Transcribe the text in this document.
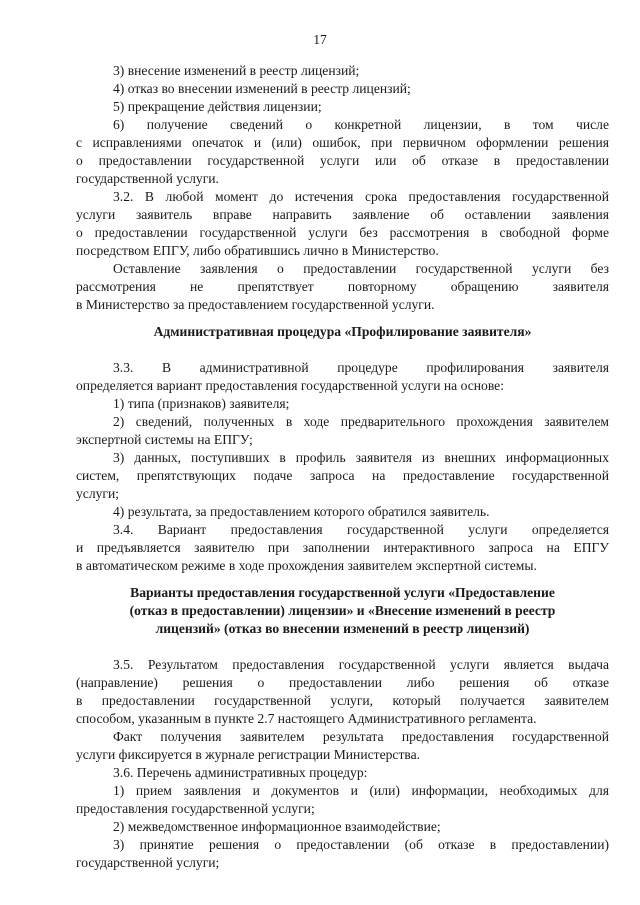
17
3) внесение изменений в реестр лицензий;
4) отказ во внесении изменений в реестр лицензий;
5) прекращение действия лицензии;
6) получение сведений о конкретной лицензии, в том числе
с исправлениями опечаток и (или) ошибок, при первичном оформлении решения
о предоставлении государственной услуги или об отказе в предоставлении
государственной услуги.
3.2. В любой момент до истечения срока предоставления государственной
услуги заявитель вправе направить заявление об оставлении заявления
о предоставлении государственной услуги без рассмотрения в свободной форме
посредством ЕПГУ, либо обратившись лично в Министерство.
Оставление заявления о предоставлении государственной услуги без
рассмотрения не препятствует повторному обращению заявителя
в Министерство за предоставлением государственной услуги.
Административная процедура «Профилирование заявителя»
3.3. В административной процедуре профилирования заявителя
определяется вариант предоставления государственной услуги на основе:
1) типа (признаков) заявителя;
2) сведений, полученных в ходе предварительного прохождения заявителем
экспертной системы на ЕПГУ;
3) данных, поступивших в профиль заявителя из внешних информационных
систем, препятствующих подаче запроса на предоставление государственной
услуги;
4) результата, за предоставлением которого обратился заявитель.
3.4. Вариант предоставления государственной услуги определяется
и предъявляется заявителю при заполнении интерактивного запроса на ЕПГУ
в автоматическом режиме в ходе прохождения заявителем экспертной системы.
Варианты предоставления государственной услуги «Предоставление
(отказ в предоставлении) лицензии» и «Внесение изменений в реестр
лицензий» (отказ во внесении изменений в реестр лицензий)
3.5. Результатом предоставления государственной услуги является выдача
(направление) решения о предоставлении либо решения об отказе
в предоставлении государственной услуги, который получается заявителем
способом, указанным в пункте 2.7 настоящего Административного регламента.
Факт получения заявителем результата предоставления государственной
услуги фиксируется в журнале регистрации Министерства.
3.6. Перечень административных процедур:
1) прием заявления и документов и (или) информации, необходимых для
предоставления государственной услуги;
2) межведомственное информационное взаимодействие;
3) принятие решения о предоставлении (об отказе в предоставлении)
государственной услуги;
